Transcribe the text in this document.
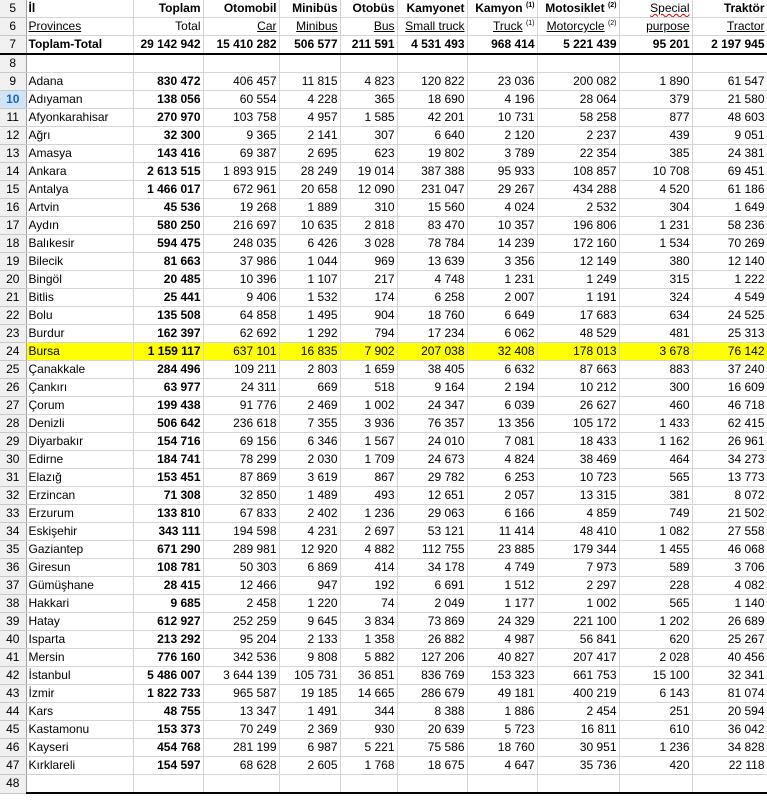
5	İl	Toplam	Otomobil	Minibüs	Otobüs	Kamyonet	Kamyon $^{(1)}$	Motosiklet $^{(2)}$	Special	Traktör
6	Provinces	Total	Car	Minibus	Bus	Small truck	Truck $^{(1)}$	Motorcycle $^{(2)}$	purpose	Tractor
7	Toplam-Total	29 142 942	15 410 282	506 577	211 591	4 531 493	968 414	5 221 439	95 201	2 197 945
8										
9	Adana	830 472	406 457	11 815	4 823	120 822	23 036	200 082	1 890	61 547
10	Adıyaman	138 056	60 554	4 228	365	18 690	4 196	28 064	379	21 580
11	Afyonkarahisar	270 970	103 758	4 957	1 585	42 201	10 731	58 258	877	48 603
12	Ağrı	32 300	9 365	2 141	307	6 640	2 120	2 237	439	9 051
13	Amasya	143 416	69 387	2 695	623	19 802	3 789	22 354	385	24 381
14	Ankara	2 613 515	1 893 915	28 249	19 014	387 388	95 933	108 857	10 708	69 451
15	Antalya	1 466 017	672 961	20 658	12 090	231 047	29 267	434 288	4 520	61 186
16	Artvin	45 536	19 268	1 889	310	15 560	4 024	2 532	304	1 649
17	Aydın	580 250	216 697	10 635	2 818	83 470	10 357	196 806	1 231	58 236
18	Balıkesir	594 475	248 035	6 426	3 028	78 784	14 239	172 160	1 534	70 269
19	Bilecik	81 663	37 986	1 044	969	13 639	3 356	12 149	380	12 140
20	Bingöl	20 485	10 396	1 107	217	4 748	1 231	1 249	315	1 222
21	Bitlis	25 441	9 406	1 532	174	6 258	2 007	1 191	324	4 549
22	Bolu	135 508	64 858	1 495	904	18 760	6 649	17 683	634	24 525
23	Burdur	162 397	62 692	1 292	794	17 234	6 062	48 529	481	25 313
24	Bursa	1 159 117	637 101	16 835	7 902	207 038	32 408	178 013	3 678	76 142
25	Çanakkale	284 496	109 211	2 803	1 659	38 405	6 632	87 663	883	37 240
26	Çankırı	63 977	24 311	669	518	9 164	2 194	10 212	300	16 609
27	Çorum	199 438	91 776	2 469	1 002	24 347	6 039	26 627	460	46 718
28	Denizli	506 642	236 618	7 355	3 936	76 357	13 356	105 172	1 433	62 415
29	Diyarbakır	154 716	69 156	6 346	1 567	24 010	7 081	18 433	1 162	26 961
30	Edirne	184 741	78 299	2 030	1 709	24 673	4 824	38 469	464	34 273
31	Elazığ	153 451	87 869	3 619	867	29 782	6 253	10 723	565	13 773
32	Erzincan	71 308	32 850	1 489	493	12 651	2 057	13 315	381	8 072
33	Erzurum	133 810	67 833	2 402	1 236	29 063	6 166	4 859	749	21 502
34	Eskişehir	343 111	194 598	4 231	2 697	53 121	11 414	48 410	1 082	27 558
35	Gaziantep	671 290	289 981	12 920	4 882	112 755	23 885	179 344	1 455	46 068
36	Giresun	108 781	50 303	6 869	414	34 178	4 749	7 973	589	3 706
37	Gümüşhane	28 415	12 466	947	192	6 691	1 512	2 297	228	4 082
38	Hakkari	9 685	2 458	1 220	74	2 049	1 177	1 002	565	1 140
39	Hatay	612 927	252 259	9 645	3 834	73 869	24 329	221 100	1 202	26 689
40	Isparta	213 292	95 204	2 133	1 358	26 882	4 987	56 841	620	25 267
41	Mersin	776 160	342 536	9 808	5 882	127 206	40 827	207 417	2 028	40 456
42	İstanbul	5 486 007	3 644 139	105 731	36 851	836 769	153 323	661 753	15 100	32 341
43	İzmir	1 822 733	965 587	19 185	14 665	286 679	49 181	400 219	6 143	81 074
44	Kars	48 755	13 347	1 491	344	8 388	1 886	2 454	251	20 594
45	Kastamonu	153 373	70 249	2 369	930	20 639	5 723	16 811	610	36 042
46	Kayseri	454 768	281 199	6 987	5 221	75 586	18 760	30 951	1 236	34 828
47	Kırklareli	154 597	68 628	2 605	1 768	18 675	4 647	35 736	420	22 118
48										
